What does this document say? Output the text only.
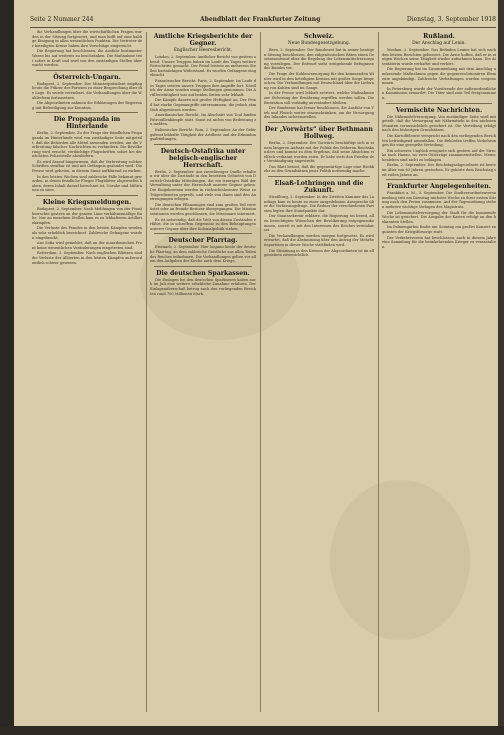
Seite 2 Nummer 244	Abendblatt der Frankfurter Zeitung	Dienstag, 3. September 1918

die Verhandlungen über die wirtschaftlichen Fragen wurden in der Sitzung fortgesetzt, und man hofft auf eine baldige Einigung in allen wesentlichen Punkten. Die Vertreter der beteiligten Kreise haben ihre Vorschläge eingereicht.

Die Regierung hat beschlossen, die Ausfuhr bestimmter Waren bis auf weiteres zu beschränken. Die Maßnahme tritt sofort in Kraft und wird von den zuständigen Stellen überwacht werden.

Österreich-Ungarn.

Budapest, 2. September. Der Ministerpräsident empfing heute die Führer der Parteien zu einer Besprechung über die Lage. Es wurde vereinbart, die Verhandlungen über die Wahlreform fortzusetzen.

Die Abgeordneten nahmen die Erklärungen der Regierung mit Befriedigung zur Kenntnis.

Die Propaganda im Hinterlande

Berlin, 2. September. Zu der Frage der feindlichen Propaganda im Hinterlande wird von zuständiger Seite mitgeteilt, daß die Behörden alle Mittel anwenden werden, um die Verbreitung falscher Nachrichten zu verhindern. Die Bevölkerung wird ersucht, verdächtige Flugschriften sofort bei der nächsten Polizeistelle abzuliefern.

Es wird darauf hingewiesen, daß die Verbreitung solcher Schriften strafbar ist und mit Gefängnis geahndet wird. Die Presse wird gebeten, in diesem Sinne aufklärend zu wirken.

In den letzten Wochen sind zahlreiche Fälle bekannt geworden, in denen feindliche Flieger Flugblätter abgeworfen haben, deren Inhalt darauf berechnet ist, Unruhe und Mißtrauen zu säen.

Kleine Kriegsmeldungen.

Budapest, 2. September. Nach Meldungen von der Front herrschte gestern an der ganzen Linie verhältnismäßige Ruhe. Nur an einzelnen Stellen kam es zu lebhafteren Artilleriekämpfen.

Die Verluste des Feindes in den letzten Kämpfen werden als sehr erheblich bezeichnet. Zahlreiche Gefangene wurden eingebracht.

Aus Sofia wird gemeldet, daß an der mazedonischen Front keine wesentlichen Veränderungen eingetreten sind.

Rotterdam, 2. September. Nach englischen Blättern sind die Verluste der Alliierten in den letzten Kämpfen außerordentlich schwer gewesen.

Amtliche Kriegsberichte der Gegner.
Englischer Heeresbericht.

London, 2. September. Amtlicher Bericht von gestern abend: Unsere Truppen haben im Laufe des Tages weitere Fortschritte gemacht. Der Feind leistete an mehreren Stellen hartnäckigen Widerstand. Es wurden Gefangene eingebracht.

Französischer Bericht. Paris, 2. September. Im Laufe des Tages setzten unsere Truppen ihre Angriffe fort. Nördlich der Aisne wurden einige Stellungen genommen. Die Artillerietätigkeit war auf beiden Seiten sehr lebhaft.

Die Kämpfe dauern mit großer Heftigkeit an. Der Feind hat starke Gegenangriffe unternommen, die jedoch sämtlich abgewiesen wurden.

Amerikanischer Bericht. Im Abschnitt von Toul fanden Patrouillenkämpfe statt. Sonst ist nichts von Bedeutung zu melden.

Italienischer Bericht. Rom, 2. September. An der Gebirgsfront lebhafte Tätigkeit der Artillerie und der Erkundungsabteilungen.

Deutsch-Ostafrika unter belgisch-englischer Herrschaft.

Berlin, 2. September. Aus zuverlässiger Quelle erhalten wir über die Zustände in den besetzten Gebieten von Deutsch-Ostafrika Mitteilungen, die ein trauriges Bild der Verwaltung unter der Herrschaft unserer Gegner geben. Die Eingeborenen werden in rücksichtslosester Weise zu Trägerdiensten gepreßt, und viele von ihnen sind den Anstrengungen erlegen.

Die deutschen Pflanzungen sind zum großen Teil verwüstet oder an fremde Besitzer übergegangen. Die Missionsstationen wurden geschlossen, die Missionare interniert.

Es ist notwendig, daß die Welt von diesen Zuständen erfährt, die in schroffem Gegensatz zu den Behauptungen unserer Gegner über ihre Kolonialpolitik stehen.

Deutscher Pfarrtag.

Eisenach, 2. September. Hier begann heute der deutsche Pfarrtag, an dem zahlreiche Geistliche aus allen Teilen des Reiches teilnehmen. Die Verhandlungen gelten vor allem den Aufgaben der Kirche nach dem Kriege.

Die deutschen Sparkassen.

Die Einlagen bei den deutschen Sparkassen haben auch im Juli eine weitere erhebliche Zunahme erfahren. Der Einlagenüberschuß betrug nach den vorliegenden Berichten rund 700 Millionen Mark.

Schweiz.
Neue Bundesgesetzgebung.

Bern, 2. September. Der Bundesrat hat in seiner heutigen Sitzung beschlossen, den eidgenössischen Räten einen Gesetzesentwurf über die Regelung der Lebensmittelversorgung vorzulegen. Der Entwurf sieht weitgehende Befugnisse des Bundes vor.

Die Frage der Kohlenversorgung für den kommenden Winter wird in den beteiligten Kreisen mit großer Sorge besprochen. Die Verhandlungen mit Deutschland über die Lieferung von Kohlen sind im Gange.

In der Presse wird lebhaft erörtert, welche Maßnahmen zur Sicherung der Ernährung ergriffen werden sollen. Die Brotration soll vorläufig unverändert bleiben.

Der Bundesrat hat ferner beschlossen, die Ausfuhr von Vieh und Fleisch weiter einzuschränken, um die Versorgung des Inlandes sicherzustellen.

Der „Vorwärts“ über Bethmann Hollweg.

Berlin, 2. September. Der Vorwärts beschäftigt sich in einem längeren Aufsatz mit der Politik des früheren Reichskanzlers und kommt zu dem Ergebnis, daß seine Absichten vielfach verkannt worden seien. Er habe stets den Frieden der Verständigung angestrebt.

Das Blatt betont, daß die gegenwärtige Lage eine Rückkehr zu den Grundsätzen jener Politik notwendig mache.

Elsaß-Lothringen und die Zukunft.

Straßburg, 2. September. In der Zweiten Kammer des Landtags kam es heute zu einer ausgedehnten Aussprache über die Verfassungsfrage. Die Redner der verschiedenen Parteien legten ihre Standpunkte dar.

Der Staatssekretär erklärte, die Regierung sei bereit, allen berechtigten Wünschen der Bevölkerung entgegenzukommen, soweit es mit den Interessen des Reiches vereinbar sei.

Die Verhandlungen werden morgen fortgesetzt. Es wird erwartet, daß die Abstimmung über den Antrag der Mehrheitsparteien in dieser Woche stattfinden wird.

Die Stimmung in den Kreisen der Abgeordneten ist im allgemeinen zuversichtlich.

Rußland.
Der Anschlag auf Lenin.

Moskau, 2. September. Das Befinden Lenins hat sich nach den letzten Berichten gebessert. Die Ärzte hoffen, daß er in einigen Wochen seine Tätigkeit wieder aufnehmen kann. Die Attentäterin wurde verhaftet und verhört.

Die Regierung hat im Zusammenhang mit dem Anschlag umfassende Maßnahmen gegen die gegenrevolutionären Elemente angekündigt. Zahlreiche Verhaftungen wurden vorgenommen.

In Petersburg wurde der Vorsitzende der außerordentlichen Kommission ermordet. Die Täter sind zum Teil festgenommen.

Vermischte Nachrichten.

Die Nährmittelversorgung. Von zuständiger Seite wird mitgeteilt, daß die Versorgung mit Nährmitteln in den nächsten Monaten voraussichtlich gesichert ist. Die Verteilung erfolgt nach den bisherigen Grundsätzen.

Die Kartoffelernte verspricht nach den vorliegenden Berichten befriedigend auszufallen. Die Behörden treffen Vorkehrungen für eine geregelte Verteilung.

Ein schweres Unglück ereignete sich gestern auf der Strecke nach Hanau, wo zwei Güterzüge zusammenstießen. Menschenleben sind nicht zu beklagen.

Berlin, 2. September. Der Reichstagsabgeordnete ist heute im Alter von 63 Jahren gestorben. Er gehörte dem Reichstag seit vielen Jahren an.

Frankfurter Angelegenheiten.

Frankfurt a. M., 3. September. Die Stadtverordnetenversammlung tritt am Dienstag nächster Woche zu ihrer ersten Sitzung nach den Ferien zusammen. Auf der Tagesordnung stehen mehrere wichtige Vorlagen des Magistrats.

Die Lebensmittelversorgung der Stadt für die kommende Woche ist gesichert. Die Ausgabe der Karten erfolgt an den bekannten Stellen.

Im Palmengarten findet am Sonntag ein großes Konzert zugunsten der Kriegsfürsorge statt.

Der Verkehrsverein hat beschlossen, auch in diesem Jahre eine Sammlung für die heimkehrenden Krieger zu veranstalten.
